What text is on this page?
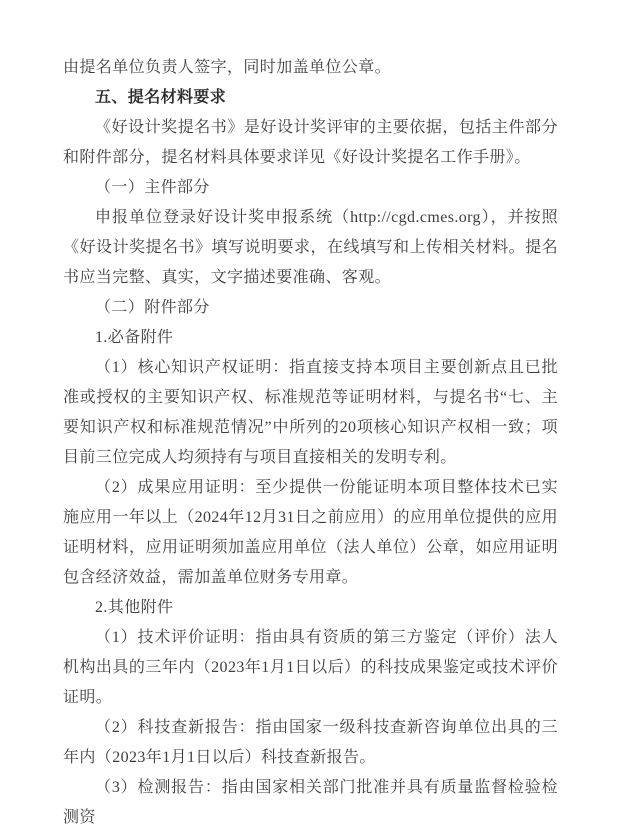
由提名单位负责人签字，同时加盖单位公章。

五、提名材料要求

《好设计奖提名书》是好设计奖评审的主要依据，包括主件部分和附件部分，提名材料具体要求详见《好设计奖提名工作手册》。

（一）主件部分

申报单位登录好设计奖申报系统（http://cgd.cmes.org），并按照《好设计奖提名书》填写说明要求，在线填写和上传相关材料。提名书应当完整、真实，文字描述要准确、客观。

（二）附件部分

1.必备附件

（1）核心知识产权证明：指直接支持本项目主要创新点且已批准或授权的主要知识产权、标准规范等证明材料，与提名书“七、主要知识产权和标准规范情况”中所列的20项核心知识产权相一致；项目前三位完成人均须持有与项目直接相关的发明专利。

（2）成果应用证明：至少提供一份能证明本项目整体技术已实施应用一年以上（2024年12月31日之前应用）的应用单位提供的应用证明材料，应用证明须加盖应用单位（法人单位）公章，如应用证明包含经济效益，需加盖单位财务专用章。

2.其他附件

（1）技术评价证明：指由具有资质的第三方鉴定（评价）法人机构出具的三年内（2023年1月1日以后）的科技成果鉴定或技术评价证明。

（2）科技查新报告：指由国家一级科技查新咨询单位出具的三年内（2023年1月1日以后）科技查新报告。

（3）检测报告：指由国家相关部门批准并具有质量监督检验检测资
